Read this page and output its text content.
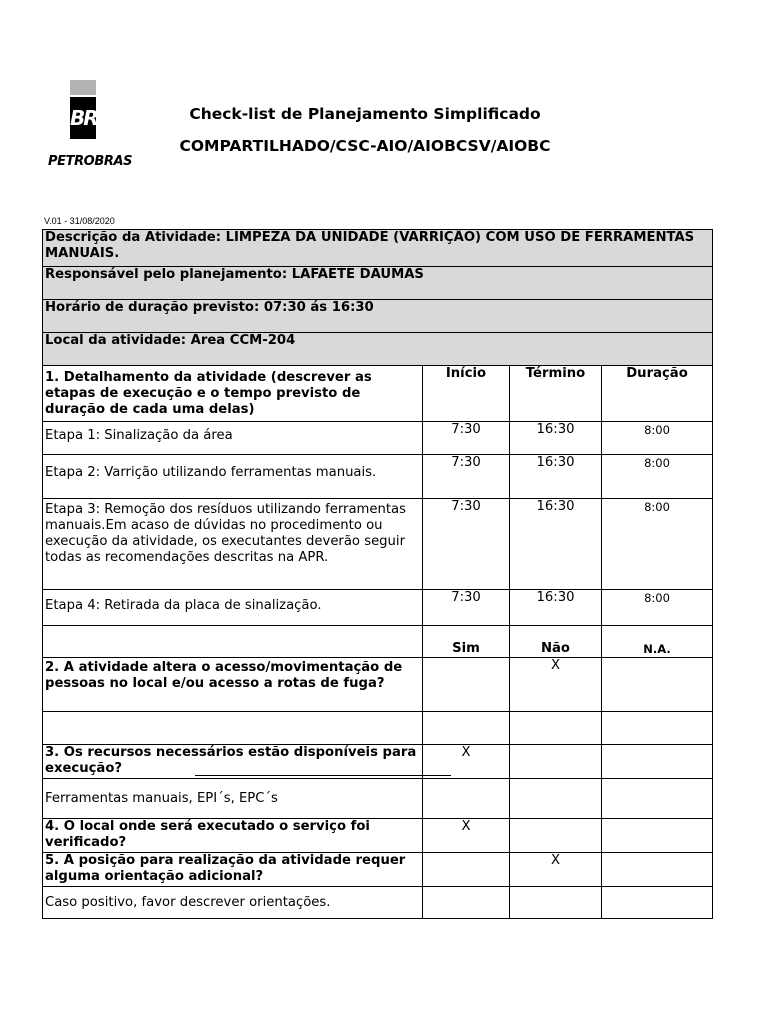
BR
PETROBRAS
Check-list de Planejamento Simplificado
COMPARTILHADO/CSC-AIO/AIOBCSV/AIOBC
V.01 - 31/08/2020
Descrição da Atividade: LIMPEZA DA UNIDADE (VARRIÇÃO) COM USO DE FERRAMENTAS MANUAIS.			
Responsável pelo planejamento: LAFAETE DAUMAS			
Horário de duração previsto: 07:30 ás 16:30			
Local da atividade: Área CCM-204			
1. Detalhamento da atividade (descrever as etapas de execução e o tempo previsto de duração de cada uma delas)	Início	Término	Duração
Etapa 1: Sinalização da área	7:30	16:30	8:00
Etapa 2: Varrição utilizando ferramentas manuais.	7:30	16:30	8:00
Etapa 3: Remoção dos resíduos utilizando ferramentas manuais.Em acaso de dúvidas no procedimento ou execução da atividade, os executantes deverão seguir todas as recomendações descritas na APR.	7:30	16:30	8:00
Etapa 4: Retirada da placa de sinalização.	7:30	16:30	8:00
	Sim	Não	N.A.
2. A atividade altera o acesso/movimentação de pessoas no local e/ou acesso a rotas de fuga?		X	

3. Os recursos necessários estão disponíveis para execução?	X		
Ferramentas manuais, EPI´s, EPC´s			
4. O local onde será executado o serviço foi verificado?	X		
5. A posição para realização da atividade requer alguma orientação adicional?		X	
Caso positivo, favor descrever orientações.			
